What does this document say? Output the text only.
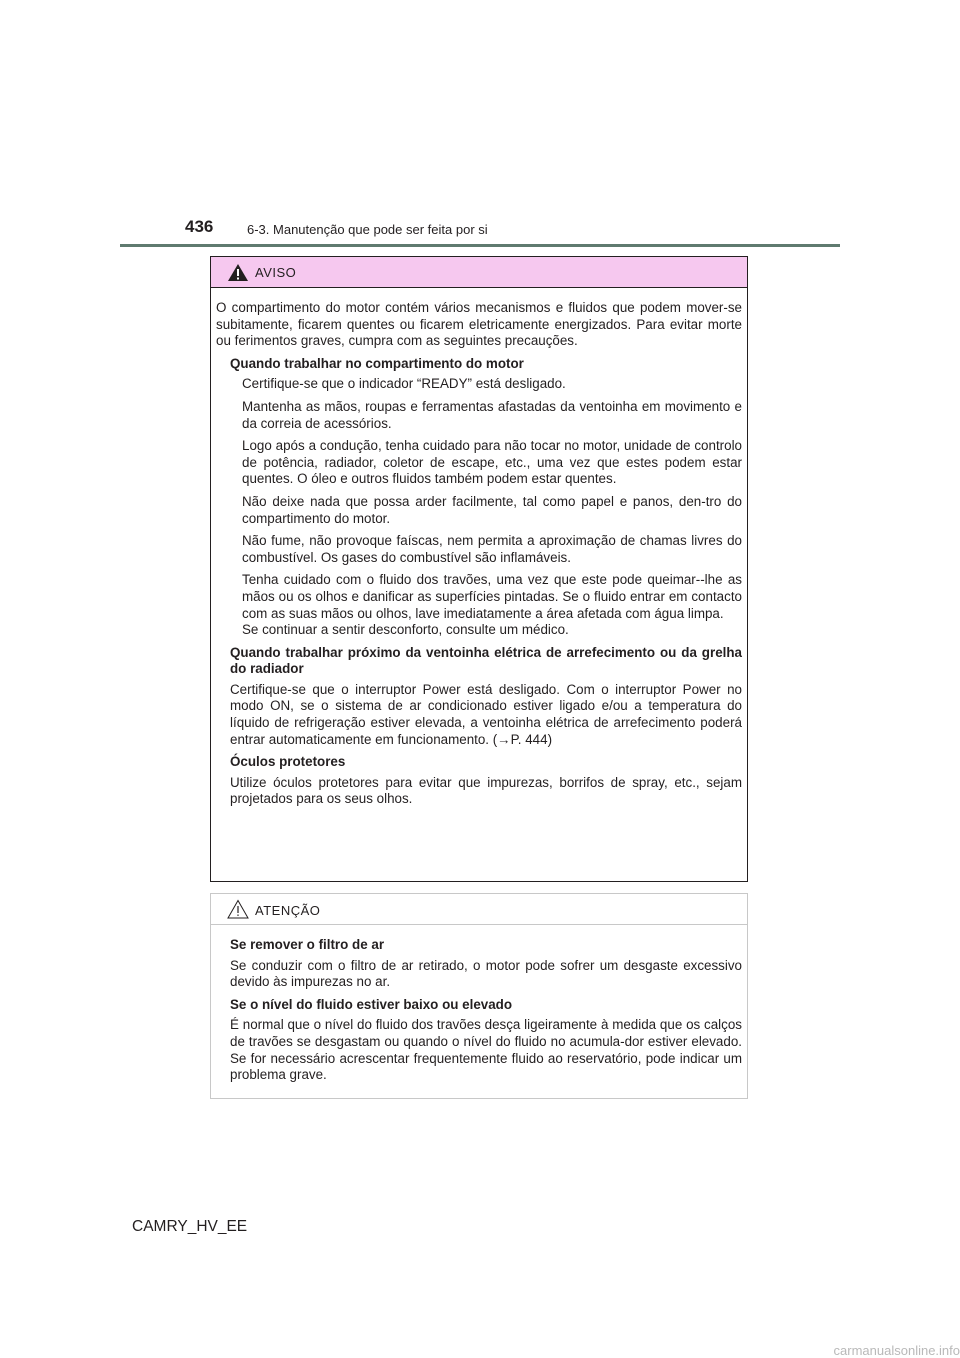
436	6-3. Manutenção que pode ser feita por si
AVISO

O compartimento do motor contém vários mecanismos e fluidos que podem mover-se subitamente, ficarem quentes ou ficarem eletricamente energizados. Para evitar morte ou ferimentos graves, cumpra com as seguintes precauções.

Quando trabalhar no compartimento do motor

Certifique-se que o indicador “READY” está desligado.

Mantenha as mãos, roupas e ferramentas afastadas da ventoinha em movimento e da correia de acessórios.

Logo após a condução, tenha cuidado para não tocar no motor, unidade de controlo de potência, radiador, coletor de escape, etc., uma vez que estes podem estar quentes. O óleo e outros fluidos também podem estar quentes.

Não deixe nada que possa arder facilmente, tal como papel e panos, den-tro do compartimento do motor.

Não fume, não provoque faíscas, nem permita a aproximação de chamas livres do combustível. Os gases do combustível são inflamáveis.

Tenha cuidado com o fluido dos travões, uma vez que este pode queimar--lhe as mãos ou os olhos e danificar as superfícies pintadas. Se o fluido entrar em contacto com as suas mãos ou olhos, lave imediatamente a área afetada com água limpa.

Se continuar a sentir desconforto, consulte um médico.

Quando trabalhar próximo da ventoinha elétrica de arrefecimento ou da grelha do radiador

Certifique-se que o interruptor Power está desligado. Com o interruptor Power no modo ON, se o sistema de ar condicionado estiver ligado e/ou a temperatura do líquido de refrigeração estiver elevada, a ventoinha elétrica de arrefecimento poderá entrar automaticamente em funcionamento. (→P. 444)

Óculos protetores

Utilize óculos protetores para evitar que impurezas, borrifos de spray, etc., sejam projetados para os seus olhos.

ATENÇÃO

Se remover o filtro de ar

Se conduzir com o filtro de ar retirado, o motor pode sofrer um desgaste excessivo devido às impurezas no ar.

Se o nível do fluido estiver baixo ou elevado

É normal que o nível do fluido dos travões desça ligeiramente à medida que os calços de travões se desgastam ou quando o nível do fluido no acumula-dor estiver elevado. Se for necessário acrescentar frequentemente fluido ao reservatório, pode indicar um problema grave.

CAMRY_HV_EE
carmanualsonline.info
